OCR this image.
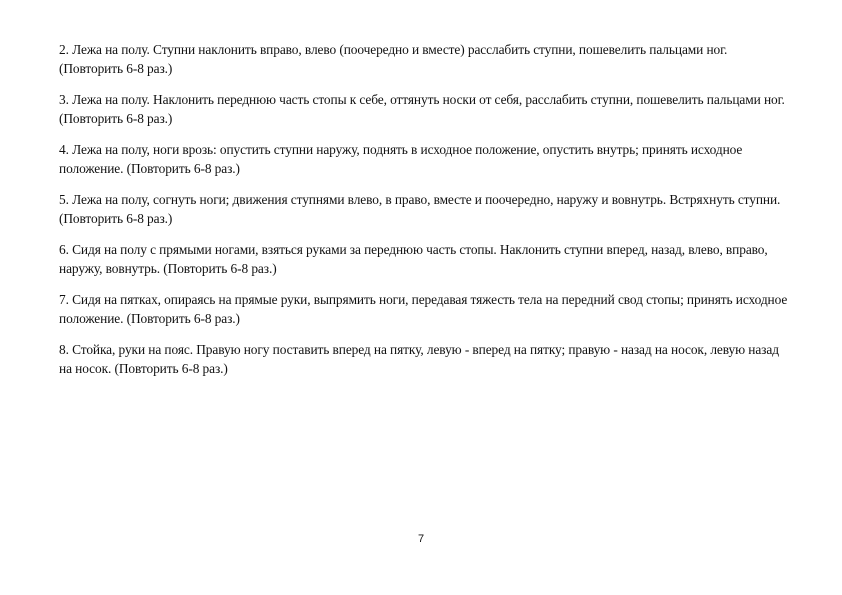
2. Лежа на полу. Ступни наклонить вправо, влево (поочередно и вместе) расслабить ступни, пошевелить пальцами ног. (Повторить 6-8 раз.)

3. Лежа на полу. Наклонить переднюю часть стопы к себе, оттянуть носки от себя, расслабить ступни, пошевелить пальцами ног. (Повторить 6-8 раз.)

4. Лежа на полу, ноги врозь: опустить ступни наружу, поднять в исходное положение, опустить внутрь; принять исходное положение. (Повторить 6-8 раз.)

5. Лежа на полу, согнуть ноги; движения ступнями влево, в право, вместе и поочередно, наружу и вовнутрь. Встряхнуть ступни. (Повторить 6-8 раз.)

6. Сидя на полу с прямыми ногами, взяться руками за переднюю часть стопы. Наклонить ступни вперед, назад, влево, вправо, наружу, вовнутрь. (Повторить 6-8 раз.)

7. Сидя на пятках, опираясь на прямые руки, выпрямить ноги, передавая тяжесть тела на передний свод стопы; принять исходное положение. (Повторить 6-8 раз.)

8. Стойка, руки на пояс. Правую ногу поставить вперед на пятку, левую - вперед на пятку; правую - назад на носок, левую назад на носок. (Повторить 6-8 раз.)

7
